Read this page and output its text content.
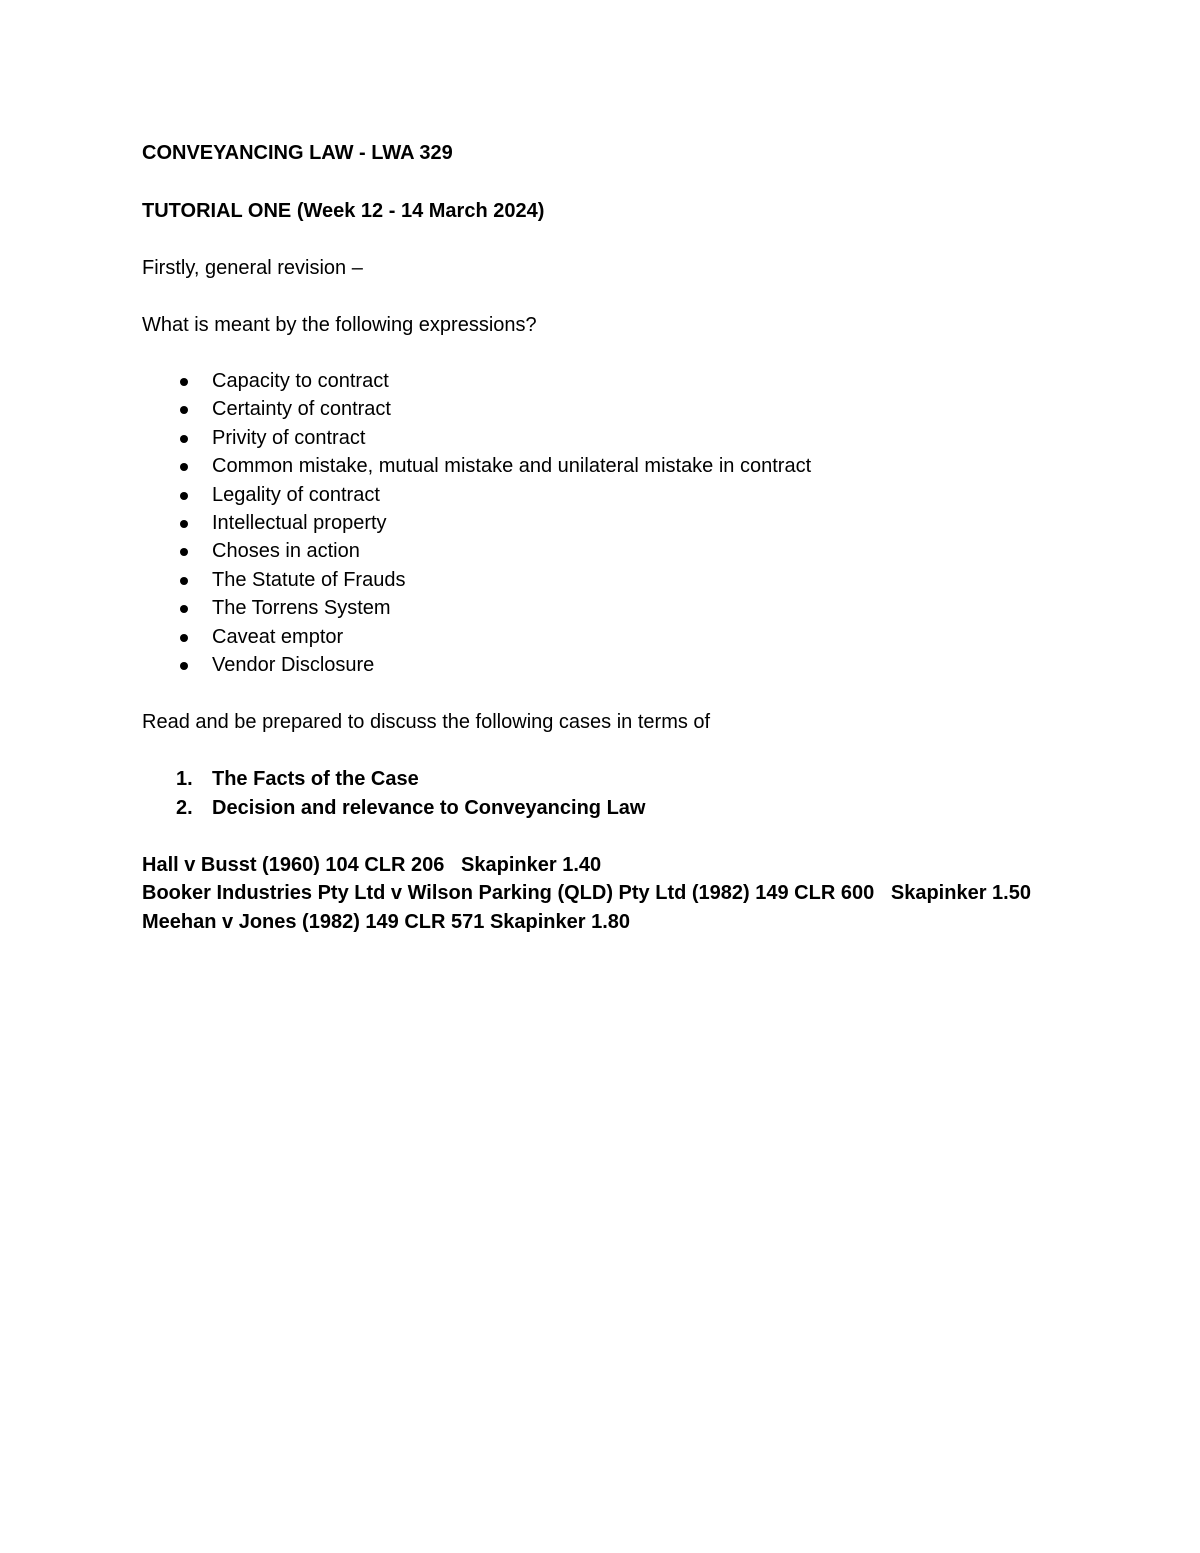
CONVEYANCING LAW - LWA 329

TUTORIAL ONE (Week 12 - 14 March 2024)

Firstly, general revision –

What is meant by the following expressions?

Capacity to contract
Certainty of contract
Privity of contract
Common mistake, mutual mistake and unilateral mistake in contract
Legality of contract
Intellectual property
Choses in action
The Statute of Frauds
The Torrens System
Caveat emptor
Vendor Disclosure

Read and be prepared to discuss the following cases in terms of

1. The Facts of the Case
2. Decision and relevance to Conveyancing Law

Hall v Busst (1960) 104 CLR 206   Skapinker 1.40

Booker Industries Pty Ltd v Wilson Parking (QLD) Pty Ltd (1982) 149 CLR 600   Skapinker 1.50

Meehan v Jones (1982) 149 CLR 571 Skapinker 1.80
